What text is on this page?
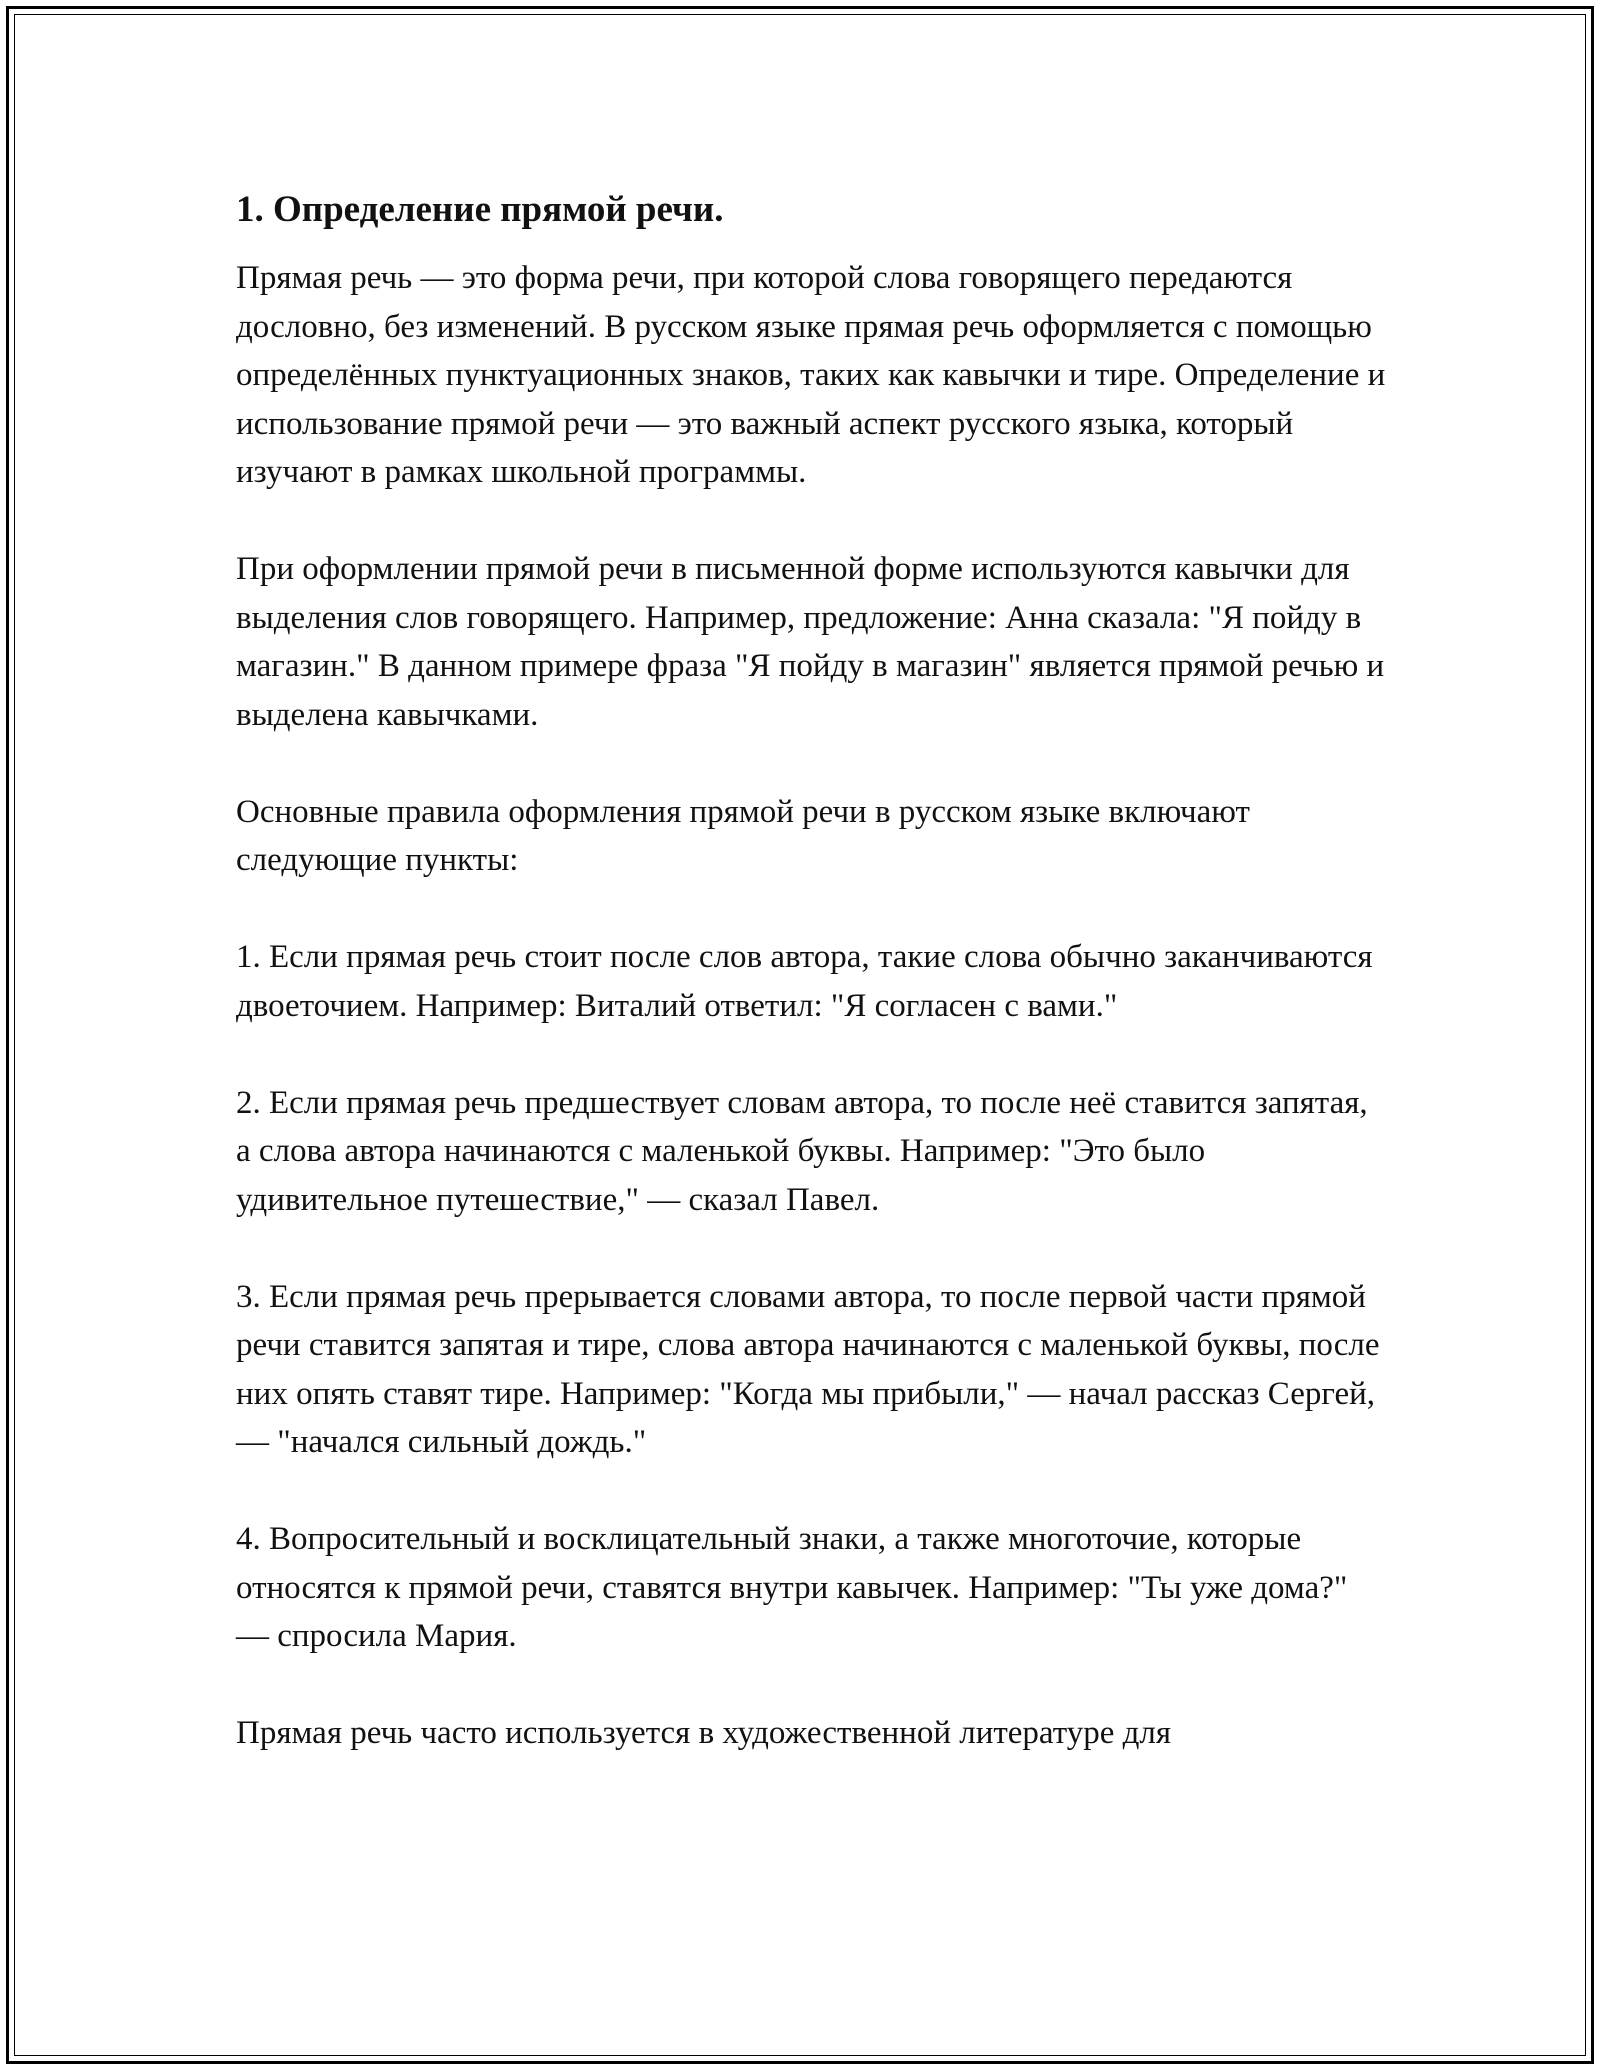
1. Определение прямой речи.

Прямая речь — это форма речи, при которой слова говорящего передаются дословно, без изменений. В русском языке прямая речь оформляется с помощью определённых пунктуационных знаков, таких как кавычки и тире. Определение и использование прямой речи — это важный аспект русского языка, который изучают в рамках школьной программы.

При оформлении прямой речи в письменной форме используются кавычки для выделения слов говорящего. Например, предложение: Анна сказала: "Я пойду в магазин." В данном примере фраза "Я пойду в магазин" является прямой речью и выделена кавычками.

Основные правила оформления прямой речи в русском языке включают следующие пункты:

1. Если прямая речь стоит после слов автора, такие слова обычно заканчиваются двоеточием. Например: Виталий ответил: "Я согласен с вами."

2. Если прямая речь предшествует словам автора, то после неё ставится запятая, а слова автора начинаются с маленькой буквы. Например: "Это было удивительное путешествие," — сказал Павел.

3. Если прямая речь прерывается словами автора, то после первой части прямой речи ставится запятая и тире, слова автора начинаются с маленькой буквы, после них опять ставят тире. Например: "Когда мы прибыли," — начал рассказ Сергей, — "начался сильный дождь."

4. Вопросительный и восклицательный знаки, а также многоточие, которые относятся к прямой речи, ставятся внутри кавычек. Например: "Ты уже дома?" — спросила Мария.

Прямая речь часто используется в художественной литературе для
